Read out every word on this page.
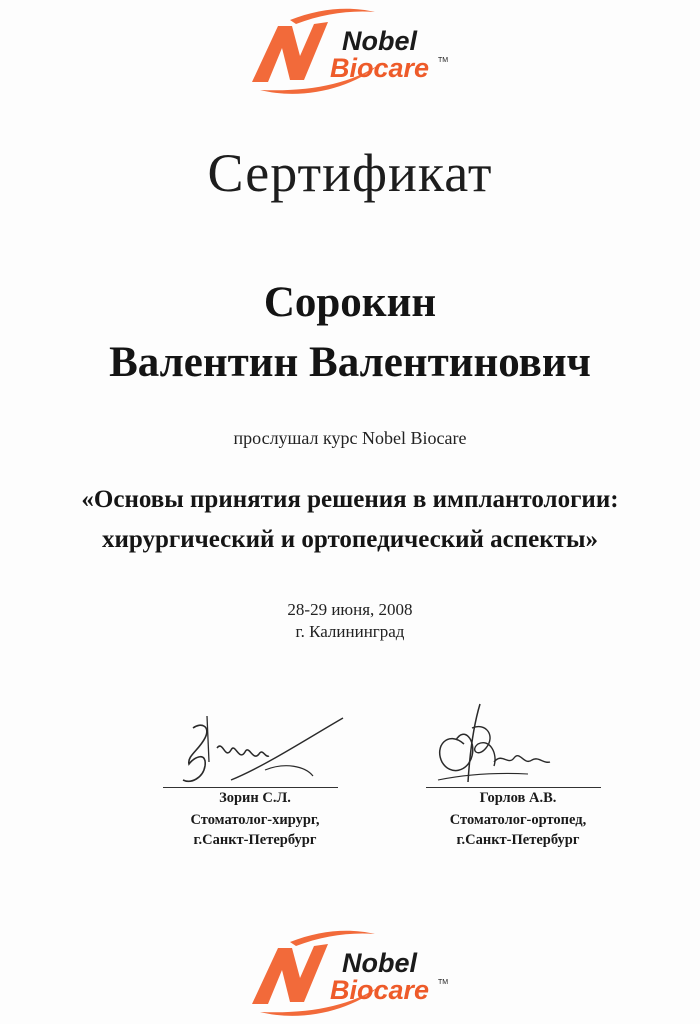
Nobel
Biocare TM
Сертификат
Сорокин
Валентин Валентинович
прослушал курс Nobel Biocare
«Основы принятия решения в имплантологии:
хирургический и ортопедический аспекты»
28-29 июня, 2008
г. Калининград
Зорин С.Л.
Стоматолог-хирург,
г.Санкт-Петербург
Горлов А.В.
Стоматолог-ортопед,
г.Санкт-Петербург
Nobel
Biocare TM
